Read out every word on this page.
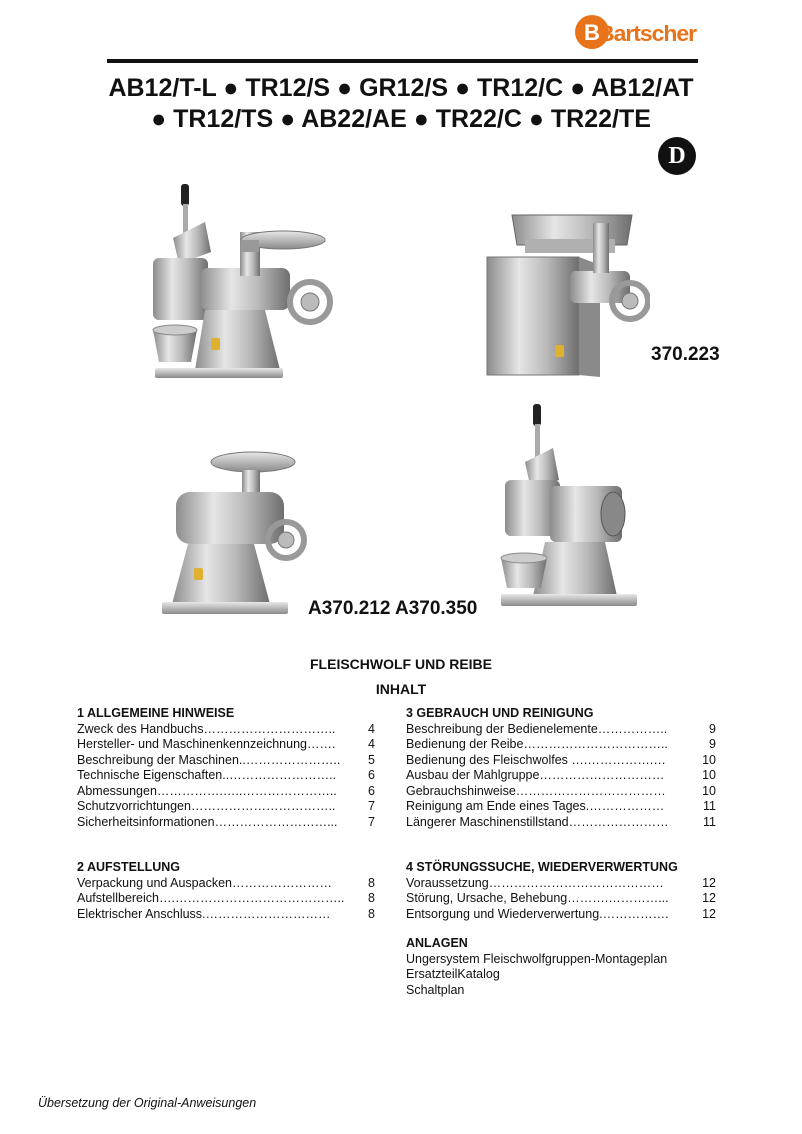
B
Bartscher
AB12/T-L ● TR12/S ● GR12/S ● TR12/C ● AB12/AT
● TR12/TS ● AB22/AE ● TR22/C ● TR22/TE
D
370.223
A370.212 A370.350
FLEISCHWOLF UND REIBE
INHALT
1 ALLGEMEINE HINWEISE
Zweck des Handbuchs…………………………..	4
Hersteller- und Maschinenkennzeichnung…….	4
Beschreibung der Maschinen..………………….. 5
Technische Eigenschaften..……………………..	6
Abmessungen…………….…..…………………..	6
Schutzvorrichtungen……………………………..	7
Sicherheitsinformationen………………………... 7
2 AUFSTELLUNG
Verpackung und Auspacken……………………	8
Aufstellbereich….………………………………….. 8
Elektrischer Anschluss.…………………………	8
3 GEBRAUCH UND REINIGUNG
Beschreibung der Bedienelemente……………..	9
Bedienung der Reibe……………………………..	9
Bedienung des Fleischwolfes ….…………….…	10
Ausbau der Mahlgruppe…………………………	10
Gebrauchshinweise………………………………	10
Reinigung am Ende eines Tages.………………	11
Längerer Maschinenstillstand……………………	11
4 STÖRUNGSSUCHE, WIEDERVERWERTUNG
Voraussetzung……………………………………	12
Störung, Ursache, Behebung……….…………...	12
Entsorgung und Wiederverwertung.…………….	12
ANLAGEN
Ungersystem Fleischwolfgruppen-Montageplan
ErsatzteilKatalog
Schaltplan
Übersetzung der Original-Anweisungen
